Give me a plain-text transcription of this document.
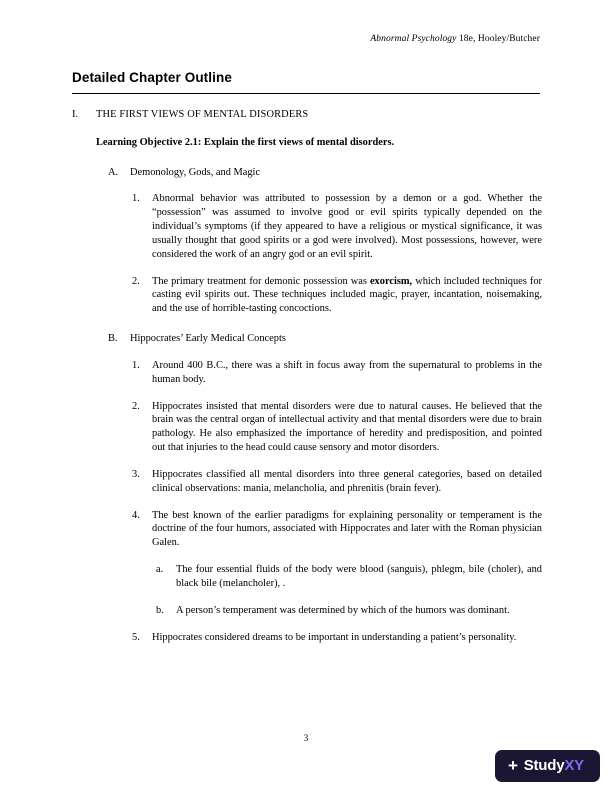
Abnormal Psychology 18e, Hooley/Butcher
Detailed Chapter Outline
I.	THE FIRST VIEWS OF MENTAL DISORDERS
Learning Objective 2.1: Explain the first views of mental disorders.
A.	Demonology, Gods, and Magic
1.	Abnormal behavior was attributed to possession by a demon or a god. Whether the “possession” was assumed to involve good or evil spirits typically depended on the individual’s symptoms (if they appeared to have a religious or mystical significance, it was usually thought that good spirits or a god were involved). Most possessions, however, were considered the work of an angry god or an evil spirit.
2.	The primary treatment for demonic possession was exorcism, which included techniques for casting evil spirits out. These techniques included magic, prayer, incantation, noisemaking, and the use of horrible-tasting concoctions.
B.	Hippocrates’ Early Medical Concepts
1.	Around 400 B.C., there was a shift in focus away from the supernatural to problems in the human body.
2.	Hippocrates insisted that mental disorders were due to natural causes. He believed that the brain was the central organ of intellectual activity and that mental disorders were due to brain pathology. He also emphasized the importance of heredity and predisposition, and pointed out that injuries to the head could cause sensory and motor disorders.
3.	Hippocrates classified all mental disorders into three general categories, based on detailed clinical observations: mania, melancholia, and phrenitis (brain fever).
4.	The best known of the earlier paradigms for explaining personality or temperament is the doctrine of the four humors, associated with Hippocrates and later with the Roman physician Galen.
a.	The four essential fluids of the body were blood (sanguis), phlegm, bile (choler), and black bile (melancholer), .
b.	A person’s temperament was determined by which of the humors was dominant.
5.	Hippocrates considered dreams to be important in understanding a patient’s personality.
3
+ StudyXY
